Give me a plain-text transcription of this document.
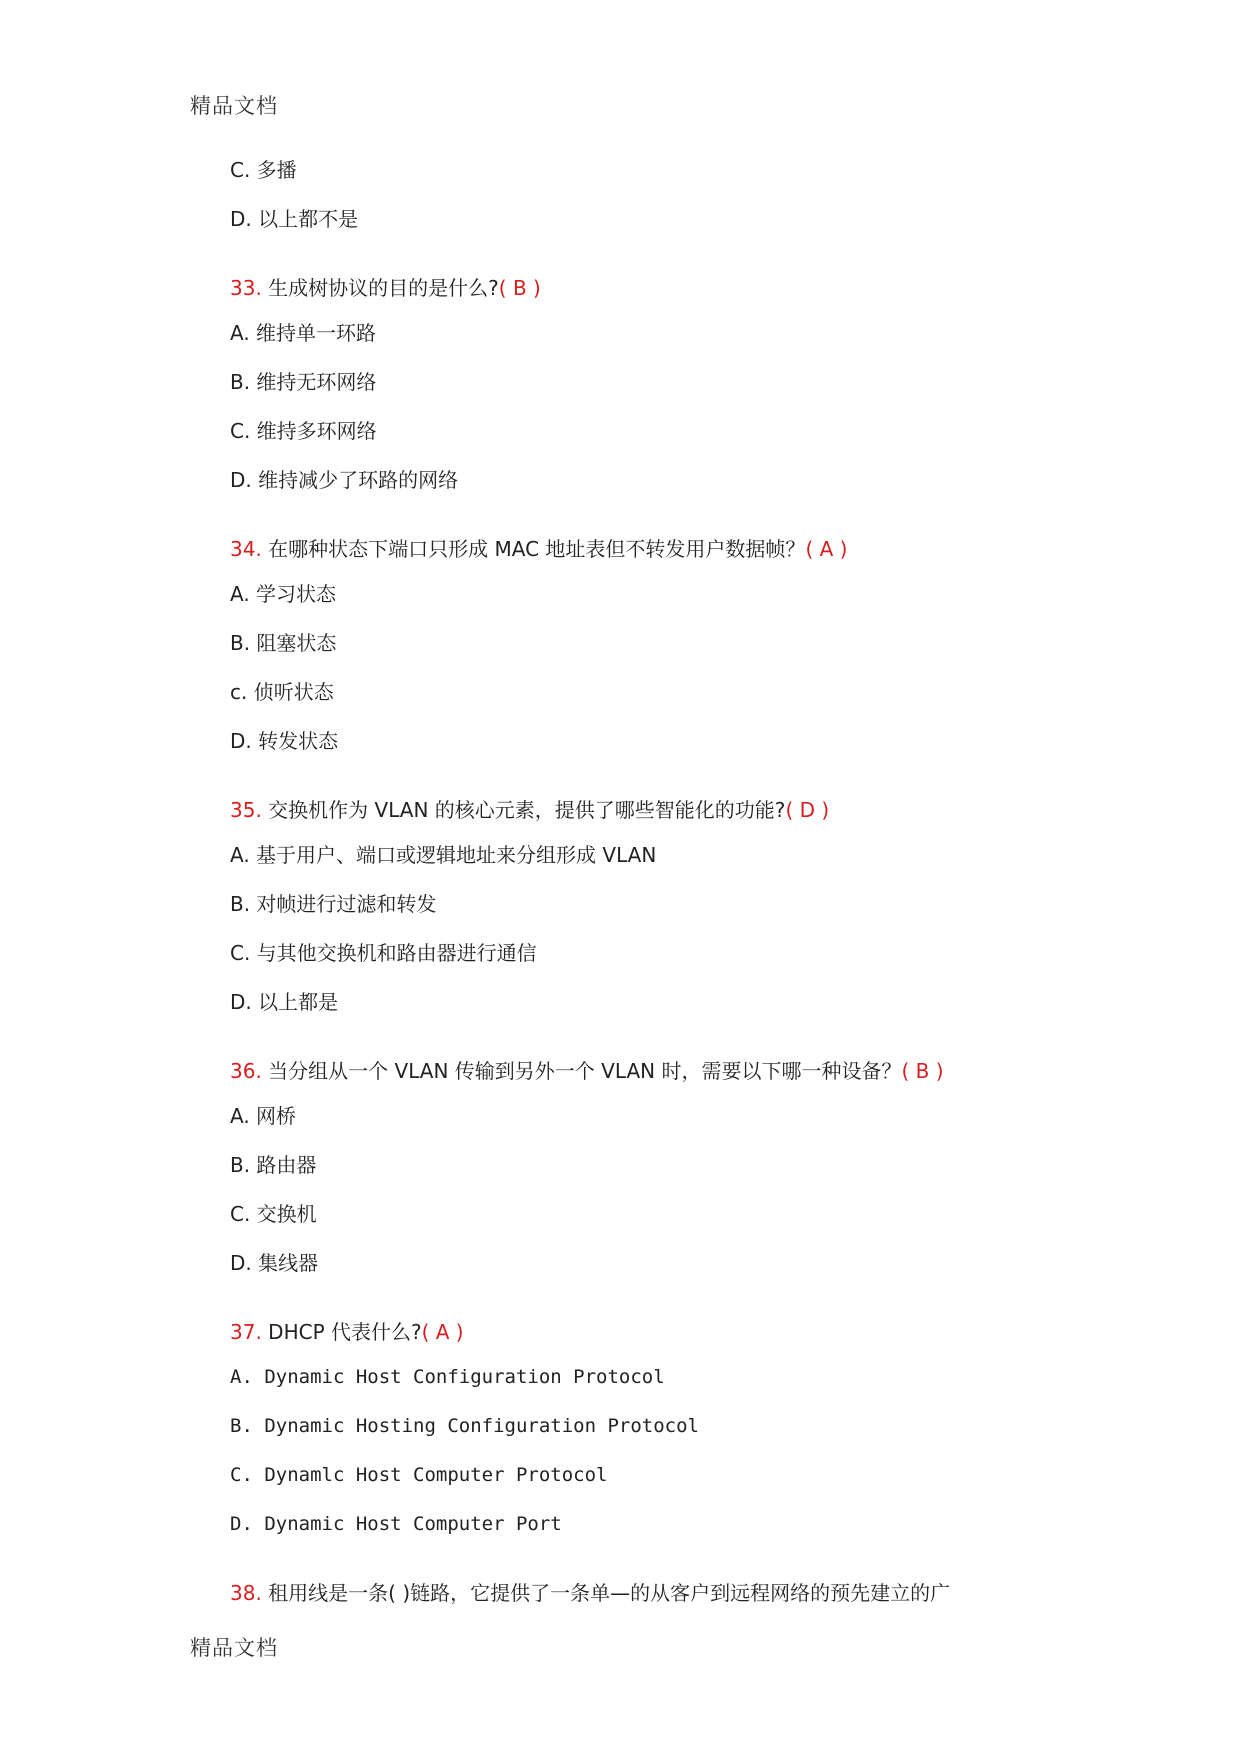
精品文档
C. 多播
D. 以上都不是
33. 生成树协议的目的是什么?( B )
A. 维持单一环路
B. 维持无环网络
C. 维持多环网络
D. 维持减少了环路的网络
34. 在哪种状态下端口只形成 MAC 地址表但不转发用户数据帧？( A )
A. 学习状态
B. 阻塞状态
c. 侦听状态
D. 转发状态
35. 交换机作为 VLAN 的核心元素，提供了哪些智能化的功能?( D )
A. 基于用户、端口或逻辑地址来分组形成 VLAN
B. 对帧进行过滤和转发
C. 与其他交换机和路由器进行通信
D. 以上都是
36. 当分组从一个 VLAN 传输到另外一个 VLAN 时，需要以下哪一种设备？( B )
A. 网桥
B. 路由器
C. 交换机
D. 集线器
37. DHCP 代表什么?( A )
A. Dynamic Host Configuration Protocol
B. Dynamic Hosting Configuration Protocol
C. Dynamlc Host Computer Protocol
D. Dynamic Host Computer Port
38. 租用线是一条( )链路，它提供了一条单—的从客户到远程网络的预先建立的广
精品文档
